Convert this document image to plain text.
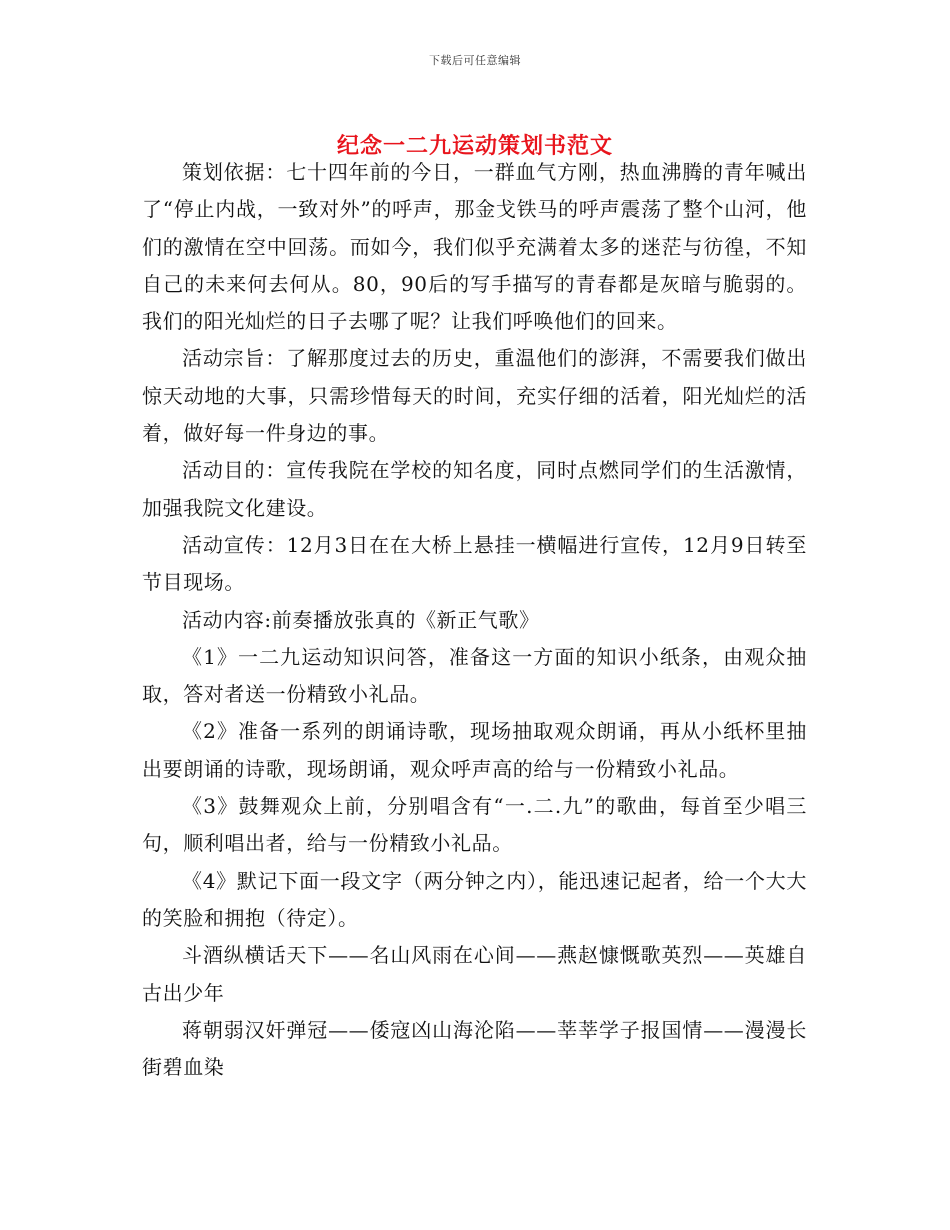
下载后可任意编辑
纪念一二九运动策划书范文

策划依据：七十四年前的今日，一群血气方刚，热血沸腾的青年喊出了“停止内战，一致对外”的呼声，那金戈铁马的呼声震荡了整个山河，他们的激情在空中回荡。而如今，我们似乎充满着太多的迷茫与彷徨，不知自己的未来何去何从。80，90后的写手描写的青春都是灰暗与脆弱的。我们的阳光灿烂的日子去哪了呢？让我们呼唤他们的回来。

活动宗旨：了解那度过去的历史，重温他们的澎湃，不需要我们做出惊天动地的大事，只需珍惜每天的时间，充实仔细的活着，阳光灿烂的活着，做好每一件身边的事。

活动目的：宣传我院在学校的知名度，同时点燃同学们的生活激情，加强我院文化建设。

活动宣传：12月3日在在大桥上悬挂一横幅进行宣传，12月9日转至节目现场。

活动内容:前奏播放张真的《新正气歌》

《1》一二九运动知识问答，准备这一方面的知识小纸条，由观众抽取，答对者送一份精致小礼品。

《2》准备一系列的朗诵诗歌，现场抽取观众朗诵，再从小纸杯里抽出要朗诵的诗歌，现场朗诵，观众呼声高的给与一份精致小礼品。

《3》鼓舞观众上前，分别唱含有“一.二.九”的歌曲，每首至少唱三句，顺利唱出者，给与一份精致小礼品。

《4》默记下面一段文字（两分钟之内），能迅速记起者，给一个大大的笑脸和拥抱（待定）。

斗酒纵横话天下——名山风雨在心间——燕赵慷慨歌英烈——英雄自古出少年

蒋朝弱汉奸弹冠——倭寇凶山海沦陷——莘莘学子报国情——漫漫长街碧血染
